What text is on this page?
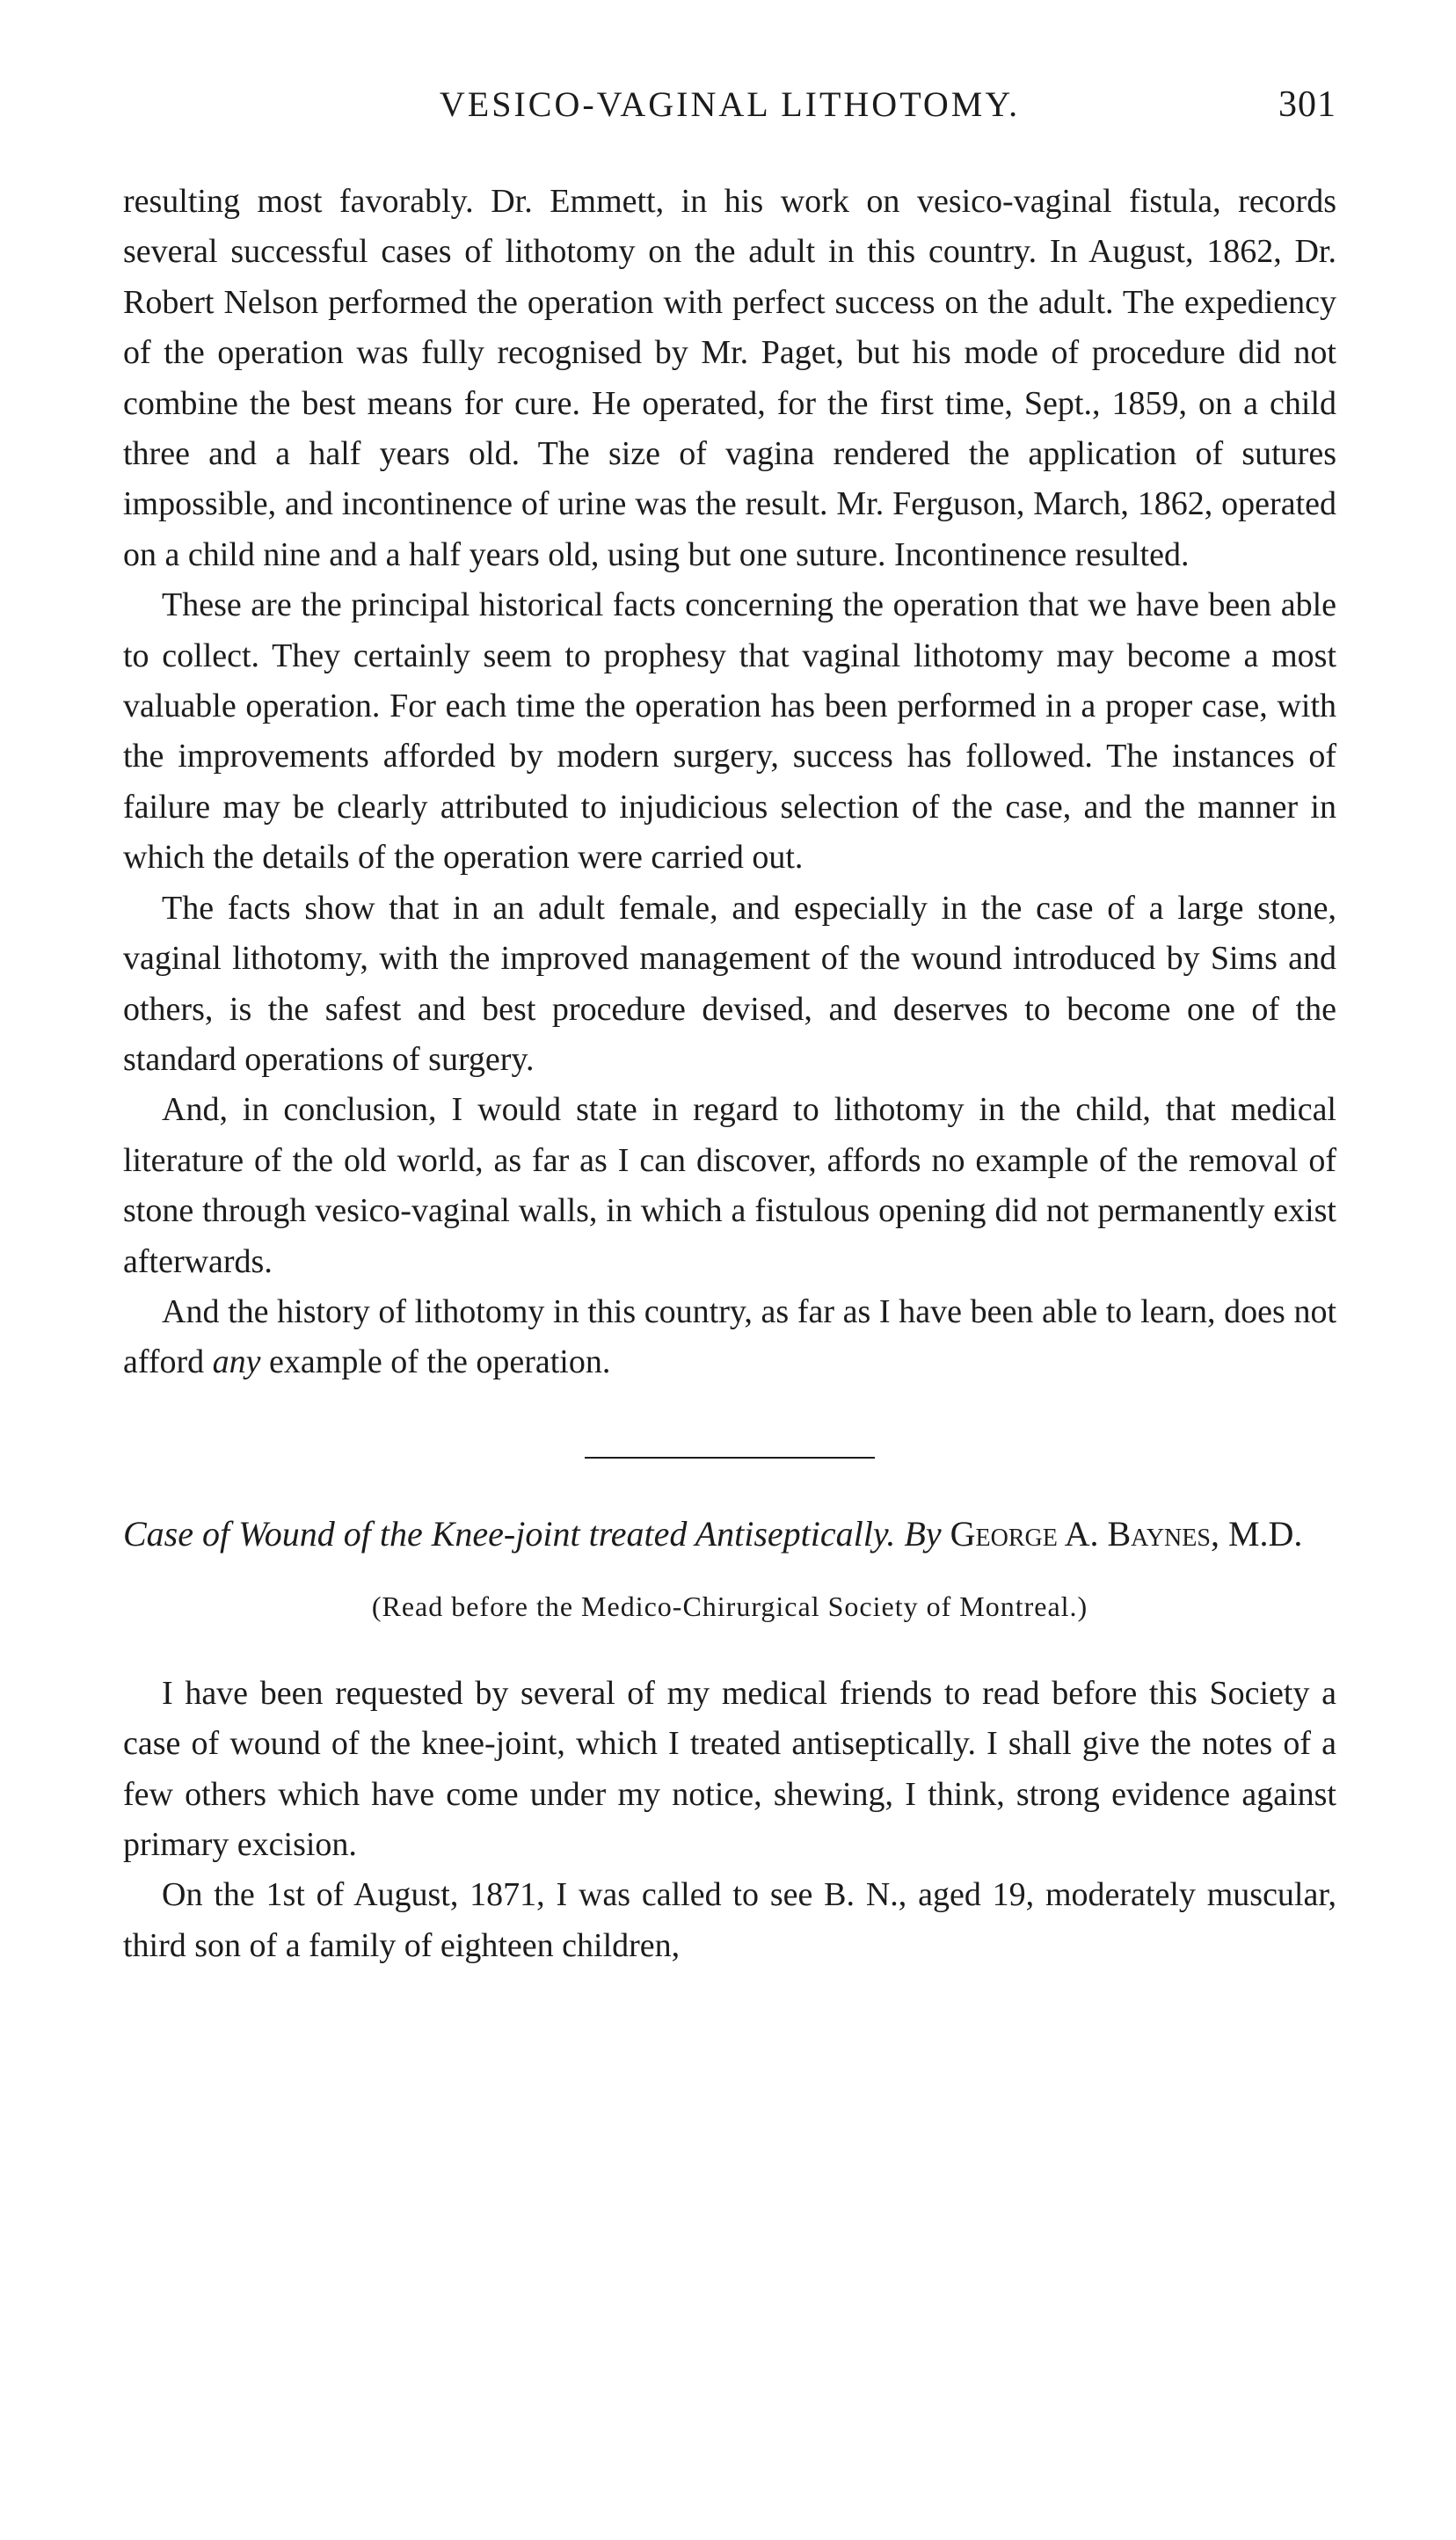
VESICO-VAGINAL LITHOTOMY.	301

resulting most favorably. Dr. Emmett, in his work on vesico-vaginal fistula, records several successful cases of lithotomy on the adult in this country. In August, 1862, Dr. Robert Nelson performed the operation with perfect success on the adult. The expediency of the operation was fully recognised by Mr. Paget, but his mode of procedure did not combine the best means for cure. He operated, for the first time, Sept., 1859, on a child three and a half years old. The size of vagina rendered the application of sutures impossible, and incontinence of urine was the result. Mr. Ferguson, March, 1862, operated on a child nine and a half years old, using but one suture. Incontinence resulted.

These are the principal historical facts concerning the operation that we have been able to collect. They certainly seem to prophesy that vaginal lithotomy may become a most valuable operation. For each time the operation has been performed in a proper case, with the improvements afforded by modern surgery, success has followed. The instances of failure may be clearly attributed to injudicious selection of the case, and the manner in which the details of the operation were carried out.

The facts show that in an adult female, and especially in the case of a large stone, vaginal lithotomy, with the improved management of the wound introduced by Sims and others, is the safest and best procedure devised, and deserves to become one of the standard operations of surgery.

And, in conclusion, I would state in regard to lithotomy in the child, that medical literature of the old world, as far as I can discover, affords no example of the removal of stone through vesico-vaginal walls, in which a fistulous opening did not permanently exist afterwards.

And the history of lithotomy in this country, as far as I have been able to learn, does not afford any example of the operation.

Case of Wound of the Knee-joint treated Antiseptically. By George A. Baynes, M.D.
(Read before the Medico-Chirurgical Society of Montreal.)

I have been requested by several of my medical friends to read before this Society a case of wound of the knee-joint, which I treated antiseptically. I shall give the notes of a few others which have come under my notice, shewing, I think, strong evidence against primary excision.

On the 1st of August, 1871, I was called to see B. N., aged 19, moderately muscular, third son of a family of eighteen children,
